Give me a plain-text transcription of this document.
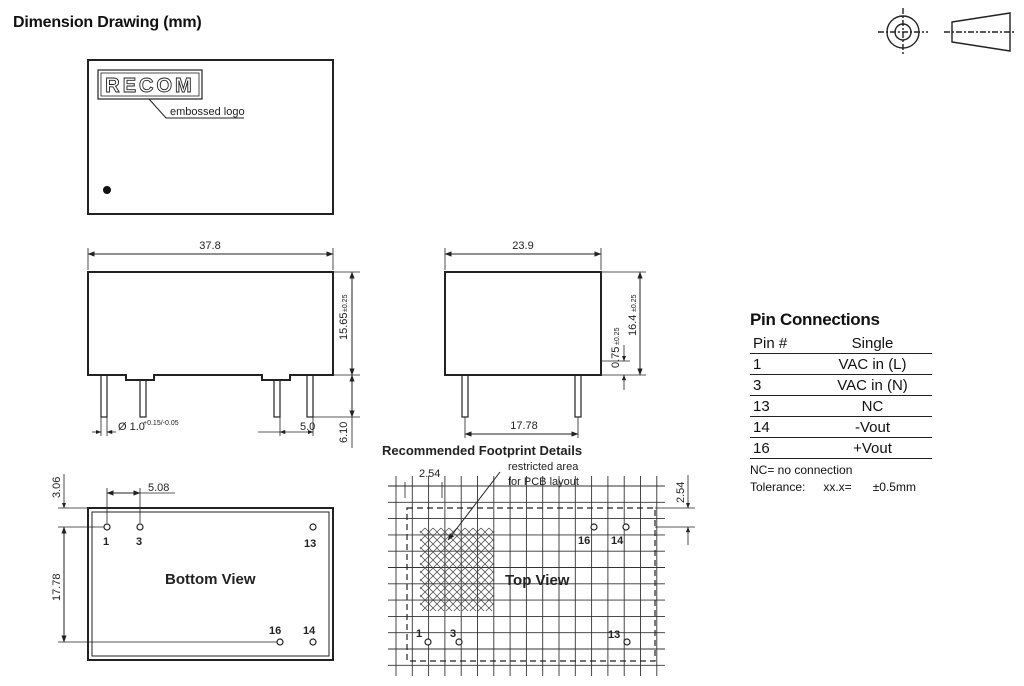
Dimension Drawing (mm)
RECOM
embossed logo
37.8
Ø 1.0
+0.15/-0.05	5.0
15.65
±0.25
6.10
23.9
17.78
16.4
±0.25
0.75
±0.25
3.06	5.08
17.78
1 3	13
16 14
Bottom View
Recommended Footprint Details
2.54
2.54
restricted area
for PCB layout
Top View
16 14
1	3	13
Pin Connections
Pin #	Single
1	VAC in (L)
3	VAC in (N)
13	NC
14	-Vout
16	+Vout
NC= no connection
Tolerance: xx.x= ±0.5mm
